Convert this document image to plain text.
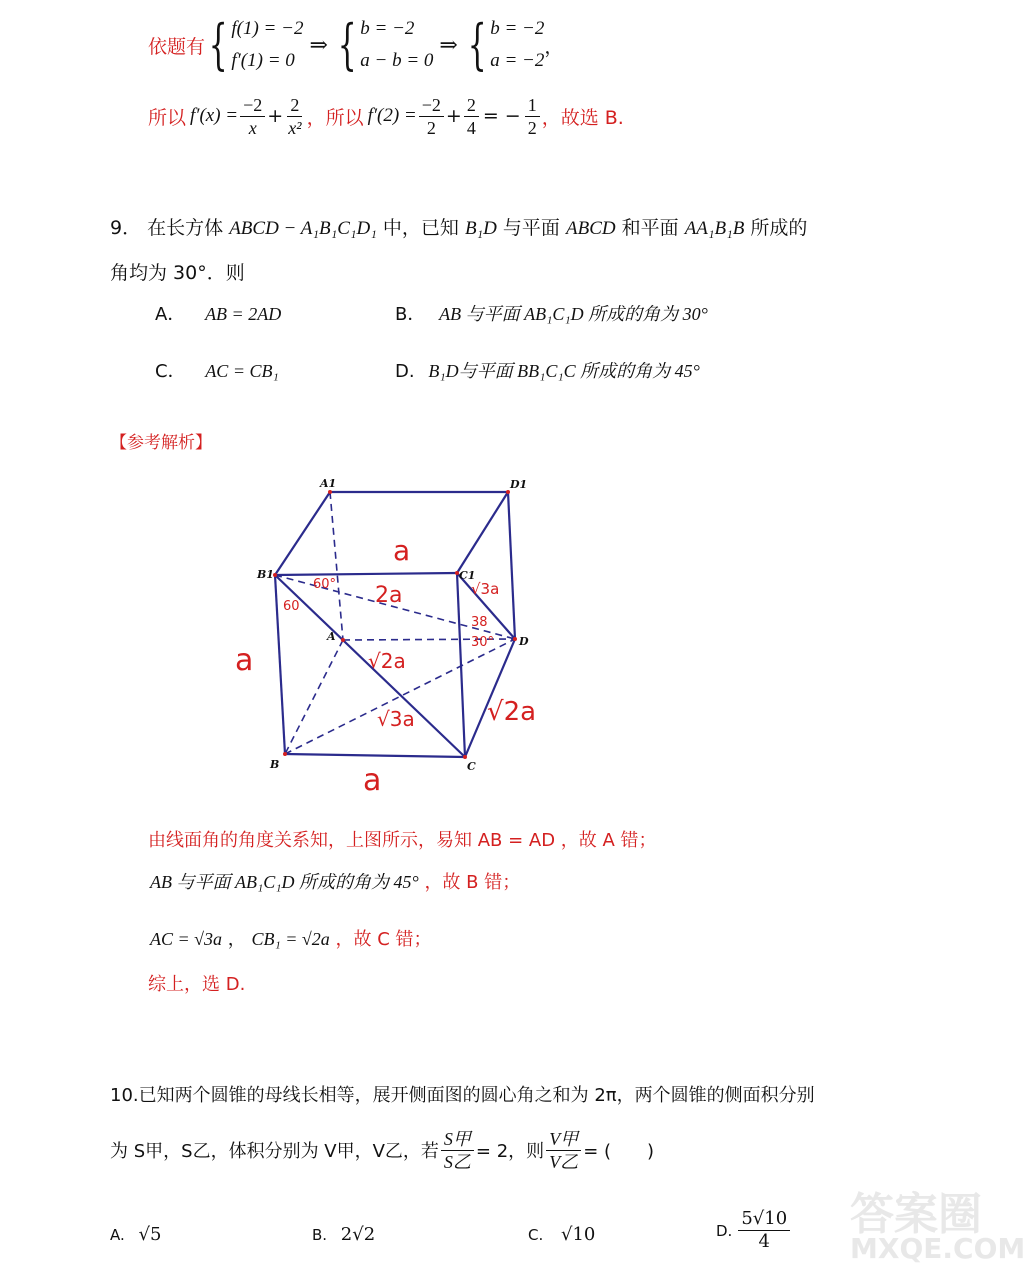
依题有 { f(1) = −2
f′(1) = 0
⇒ { b = −2
a − b = 0
⇒ { b = −2
a = −2
，
所以 $f'(x) = \frac{-2}{x} + \frac{2}{\text{x²}}$ ，所以 $f'(2) = \frac{-2}{2} + \frac{2}{4}$ = − $\frac{1}{2}$ ，故选 B.
9． 在长方体 ABCD − A₁B₁C₁D₁ 中，已知 B₁D 与平面 ABCD 和平面 AA₁B₁B 所成的
角均为 30°．则
A． AB = 2AD	B． AB 与平面 AB₁C₁D 所成的角为 30°
C． AC = CB₁	D. B₁D与平面 BB₁C₁C 所成的角为 45°
【参考解析】
A1	D1
B1	C1
A	D
B	C
a
60° 2a	√3a
38
30°
60
a	√2a
√3a	√2a
a
由线面角的角度关系知，上图所示，易知 AB = AD ，故 A 错；
AB 与平面 AB₁C₁D 所成的角为 45° ，故 B 错；
AC = √3a ， CB₁ = √2a ，故 C 错；
综上，选 D.
10.已知两个圆锥的母线长相等，展开侧面图的圆心角之和为 2π，两个圆锥的侧面积分别
为 S甲，S乙，体积分别为 V甲，V乙，若 $\frac{\text{S甲}}{\text{S乙}} = 2$，则 $\frac{\text{V甲}}{\text{V乙}}$ = (　　)
A. √5	B. 2√2	C. √10	D. $\frac{5√10}{4}$ 答案圈
MXQE.COM
